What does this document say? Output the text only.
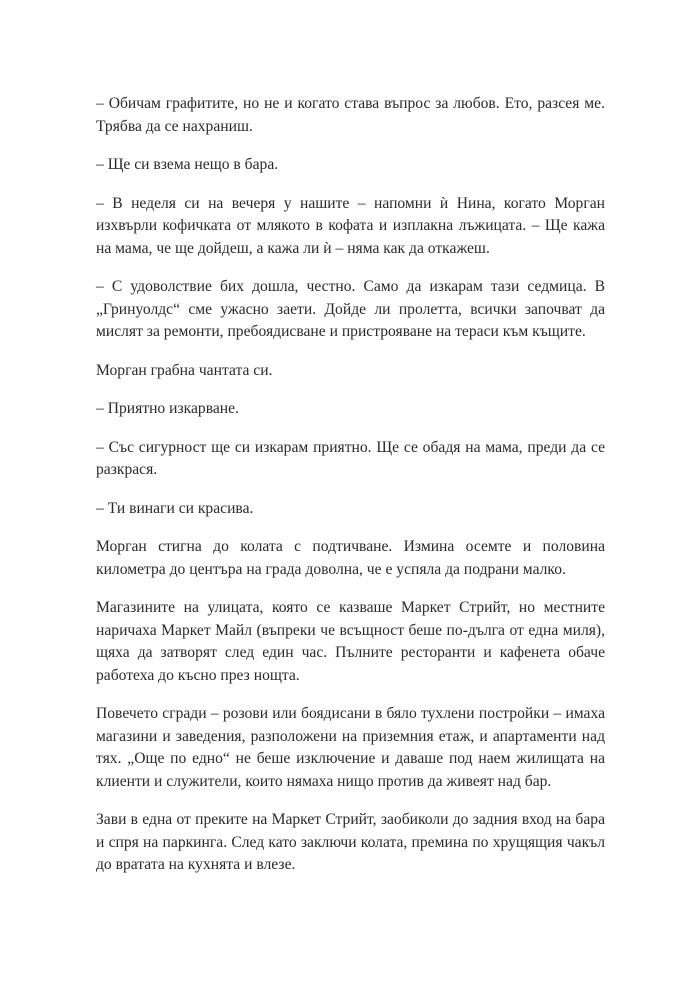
– Обичам графитите, но не и когато става въпрос за любов. Ето, разсея ме. Трябва да се нахраниш.

– Ще си взема нещо в бара.

– В неделя си на вечеря у нашите – напомни ѝ Нина, когато Морган изхвърли кофичката от млякото в кофата и изплакна лъжицата. – Ще кажа на мама, че ще дойдеш, а кажа ли ѝ – няма как да откажеш.

– С удоволствие бих дошла, честно. Само да изкарам тази седмица. В „Гринуолдс“ сме ужасно заети. Дойде ли пролетта, всички започват да мислят за ремонти, пребоядисване и пристрояване на тераси към къщите.

Морган грабна чантата си.

– Приятно изкарване.

– Със сигурност ще си изкарам приятно. Ще се обадя на мама, преди да се разкрася.

– Ти винаги си красива.

Морган стигна до колата с подтичване. Измина осемте и половина километра до центъра на града доволна, че е успяла да подрани малко.

Магазините на улицата, която се казваше Маркет Стрийт, но местните наричаха Маркет Майл (въпреки че всъщност беше по-дълга от една миля), щяха да затворят след един час. Пълните ресторанти и кафенета обаче работеха до късно през нощта.

Повечето сгради – розови или боядисани в бяло тухлени постройки – имаха магазини и заведения, разположени на приземния етаж, и апартаменти над тях. „Още по едно“ не беше изключение и даваше под наем жилищата на клиенти и служители, които нямаха нищо против да живеят над бар.

Зави в една от преките на Маркет Стрийт, заобиколи до задния вход на бара и спря на паркинга. След като заключи колата, премина по хрущящия чакъл до вратата на кухнята и влезе.
